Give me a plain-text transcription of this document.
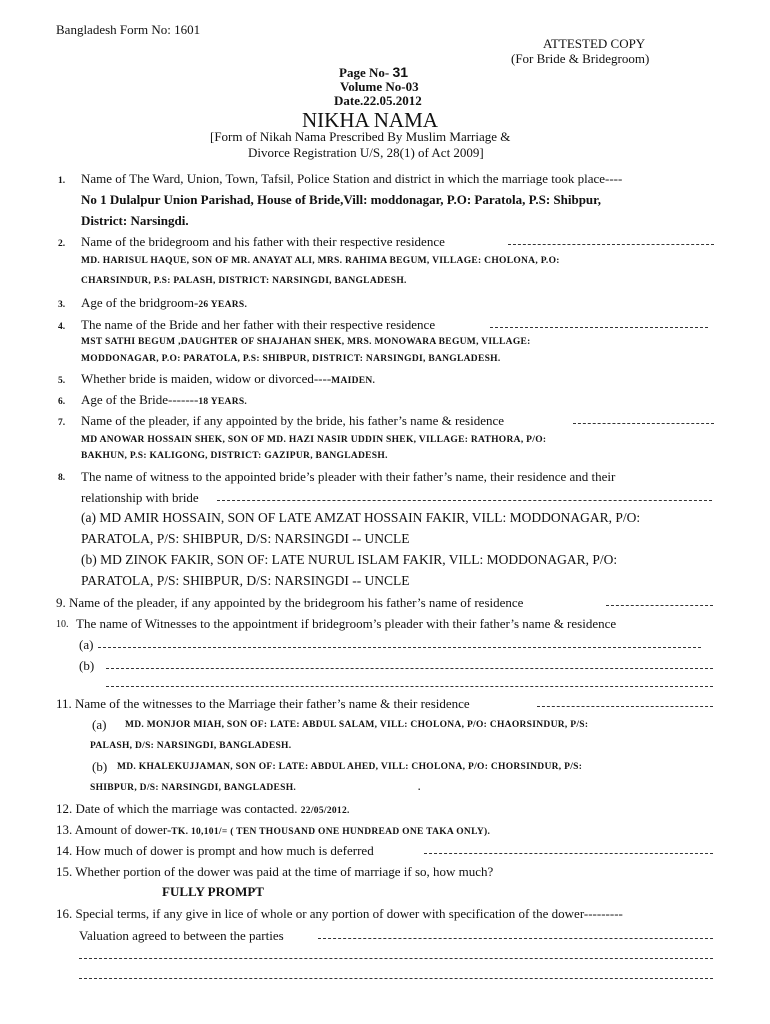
Bangladesh Form No: 1601
ATTESTED COPY
(For Bride & Bridegroom)
Page No- 31
Volume No-03
Date.22.05.2012
NIKHA NAMA
[Form of Nikah Nama Prescribed By Muslim Marriage &
Divorce Registration U/S, 28(1) of Act 2009]
1. Name of The Ward, Union, Town, Tafsil, Police Station and district in which the marriage took place----
No 1 Dulalpur Union Parishad, House of Bride,Vill: moddonagar, P.O: Paratola, P.S: Shibpur,
District: Narsingdi.
2. Name of the bridegroom and his father with their respective residence
MD. HARISUL HAQUE, SON OF MR. ANAYAT ALI, MRS. RAHIMA BEGUM, VILLAGE: CHOLONA, P.O:
CHARSINDUR, P.S: PALASH, DISTRICT: NARSINGDI, BANGLADESH.
3. Age of the bridgroom-26 YEARS.
4. The name of the Bride and her father with their respective residence
MST SATHI BEGUM ,DAUGHTER OF SHAJAHAN SHEK, MRS. MONOWARA BEGUM, VILLAGE:
MODDONAGAR, P.O: PARATOLA, P.S: SHIBPUR, DISTRICT: NARSINGDI, BANGLADESH.
5. Whether bride is maiden, widow or divorced----MAIDEN.
6. Age of the Bride-------18 YEARS.
7. Name of the pleader, if any appointed by the bride, his father’s name & residence
MD ANOWAR HOSSAIN SHEK, SON OF MD. HAZI NASIR UDDIN SHEK, VILLAGE: RATHORA, P/O:
BAKHUN, P.S: KALIGONG, DISTRICT: GAZIPUR, BANGLADESH.
8. The name of witness to the appointed bride’s pleader with their father’s name, their residence and their
relationship with bride
(a) MD AMIR HOSSAIN, SON OF LATE AMZAT HOSSAIN FAKIR, VILL: MODDONAGAR, P/O:
PARATOLA, P/S: SHIBPUR, D/S: NARSINGDI -- UNCLE
(b) MD ZINOK FAKIR, SON OF: LATE NURUL ISLAM FAKIR, VILL: MODDONAGAR, P/O:
PARATOLA, P/S: SHIBPUR, D/S: NARSINGDI -- UNCLE
9. Name of the pleader, if any appointed by the bridegroom his father’s name of residence
10. The name of Witnesses to the appointment if bridegroom’s pleader with their father’s name & residence
(a)
(b)
11. Name of the witnesses to the Marriage their father’s name & their residence
(a) MD. MONJOR MIAH, SON OF: LATE: ABDUL SALAM, VILL: CHOLONA, P/O: CHAORSINDUR, P/S:
PALASH, D/S: NARSINGDI, BANGLADESH.
(b) MD. KHALEKUJJAMAN, SON OF: LATE: ABDUL AHED, VILL: CHOLONA, P/O: CHORSINDUR, P/S:
SHIBPUR, D/S: NARSINGDI, BANGLADESH.	.
12. Date of which the marriage was contacted. 22/05/2012.
13. Amount of dower-TK. 10,101/= ( TEN THOUSAND ONE HUNDREAD ONE TAKA ONLY).
14. How much of dower is prompt and how much is deferred
15. Whether portion of the dower was paid at the time of marriage if so, how much?
FULLY PROMPT
16. Special terms, if any give in lice of whole or any portion of dower with specification of the dower---------
Valuation agreed to between the parties
